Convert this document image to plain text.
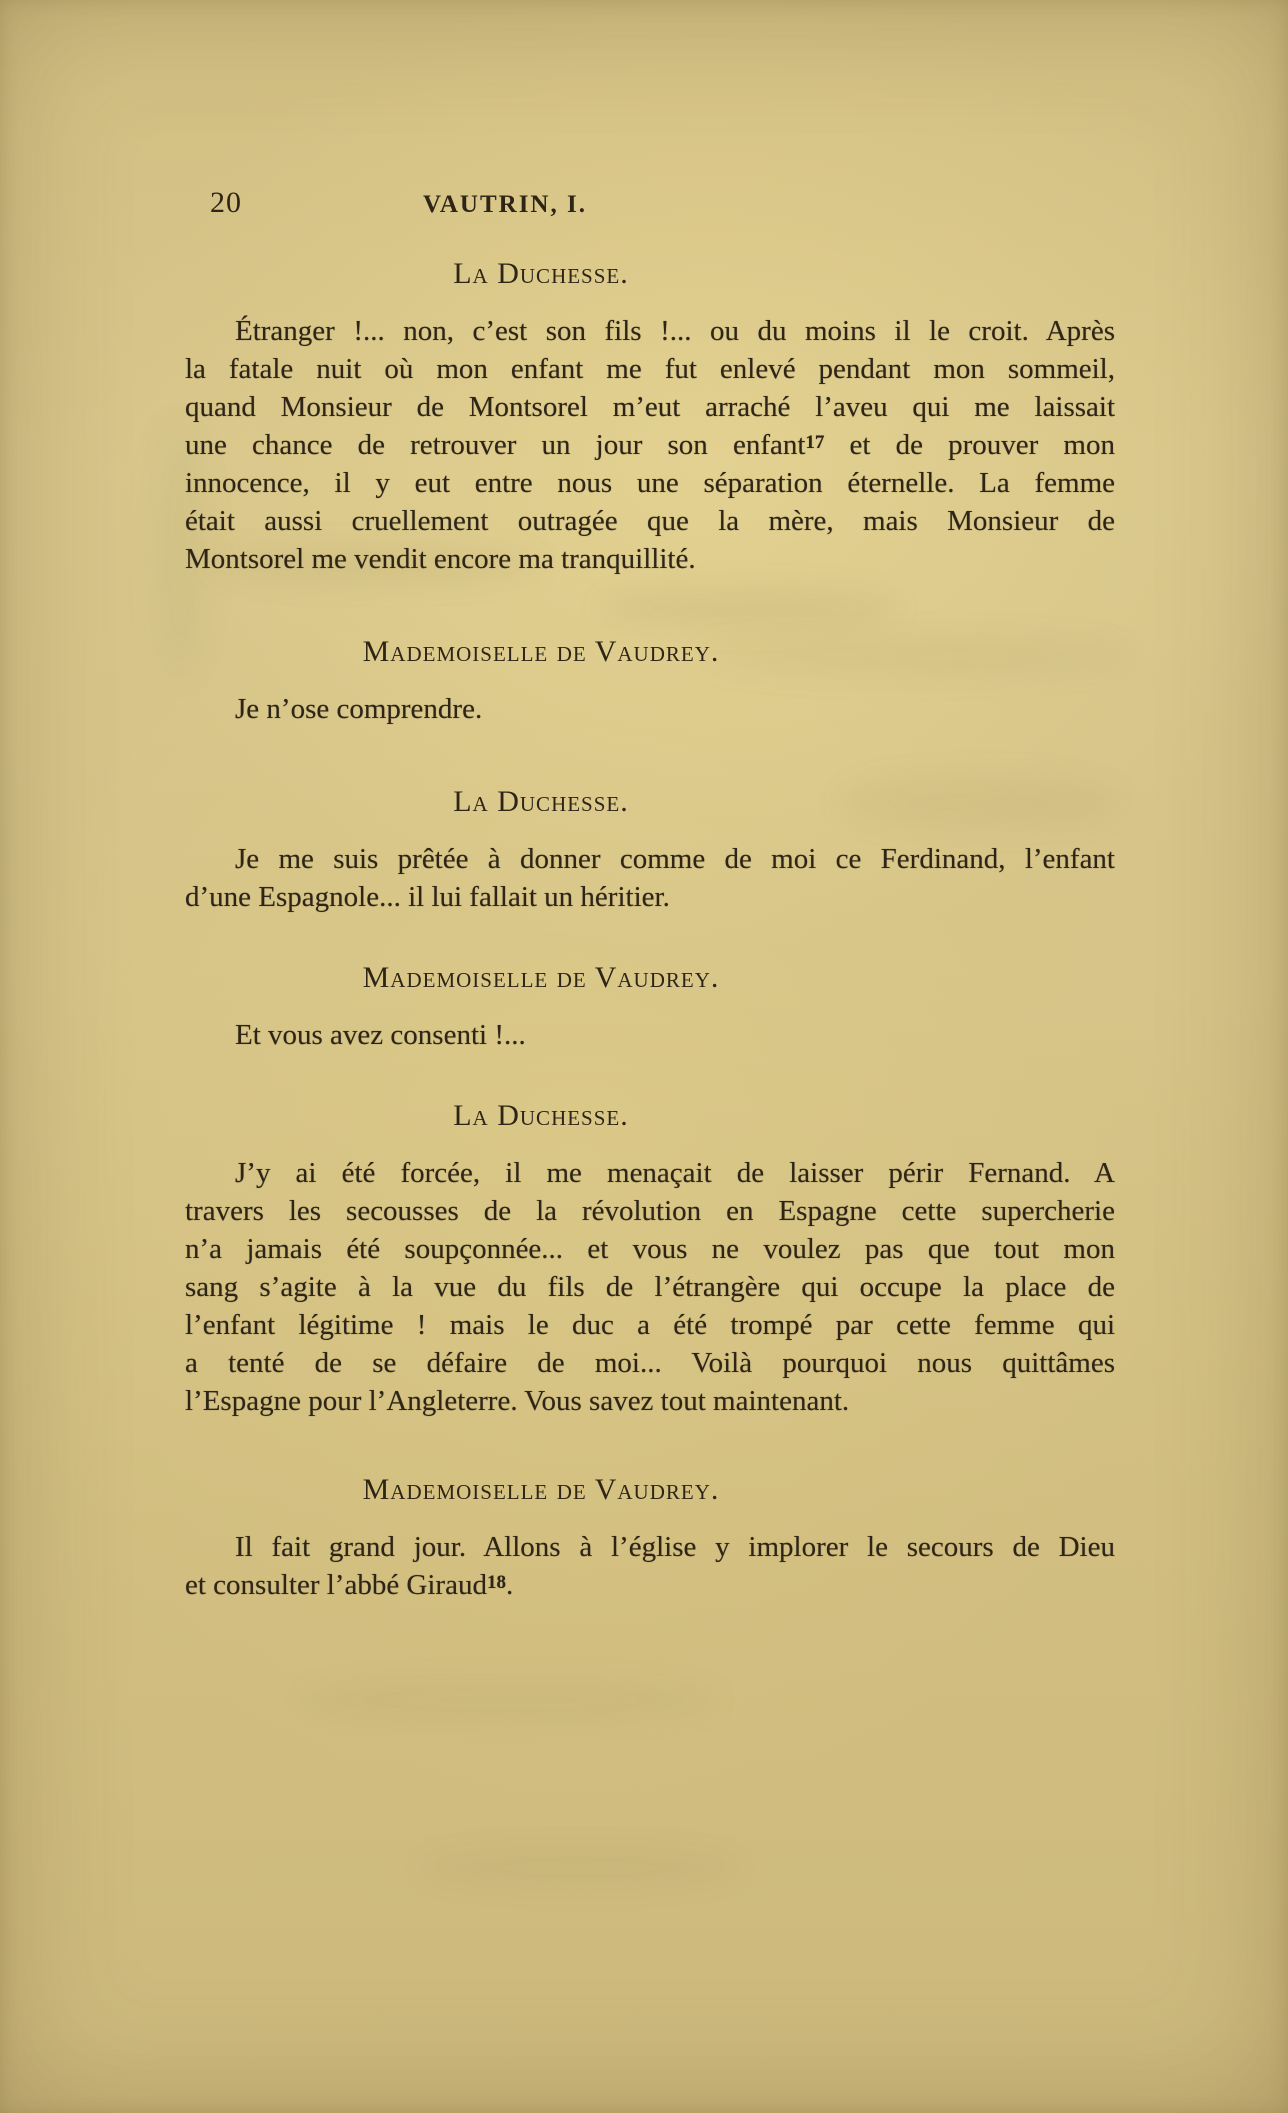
20	VAUTRIN, I.
La Duchesse.
Étranger !... non, c’est son fils !... ou du moins il le croit. Après
la fatale nuit où mon enfant me fut enlevé pendant mon sommeil,
quand Monsieur de Montsorel m’eut arraché l’aveu qui me laissait
une chance de retrouver un jour son enfant$^{17}$ et de prouver mon
innocence, il y eut entre nous une séparation éternelle. La femme
était aussi cruellement outragée que la mère, mais Monsieur de
Montsorel me vendit encore ma tranquillité.
Mademoiselle de Vaudrey.
Je n’ose comprendre.
La Duchesse.
Je me suis prêtée à donner comme de moi ce Ferdinand, l’enfant
d’une Espagnole... il lui fallait un héritier.
Mademoiselle de Vaudrey.
Et vous avez consenti !...
La Duchesse.
J’y ai été forcée, il me menaçait de laisser périr Fernand. A
travers les secousses de la révolution en Espagne cette supercherie
n’a jamais été soupçonnée... et vous ne voulez pas que tout mon
sang s’agite à la vue du fils de l’étrangère qui occupe la place de
l’enfant légitime ! mais le duc a été trompé par cette femme qui
a tenté de se défaire de moi... Voilà pourquoi nous quittâmes
l’Espagne pour l’Angleterre. Vous savez tout maintenant.
Mademoiselle de Vaudrey.
Il fait grand jour. Allons à l’église y implorer le secours de Dieu
et consulter l’abbé Giraud$^{18}$.
